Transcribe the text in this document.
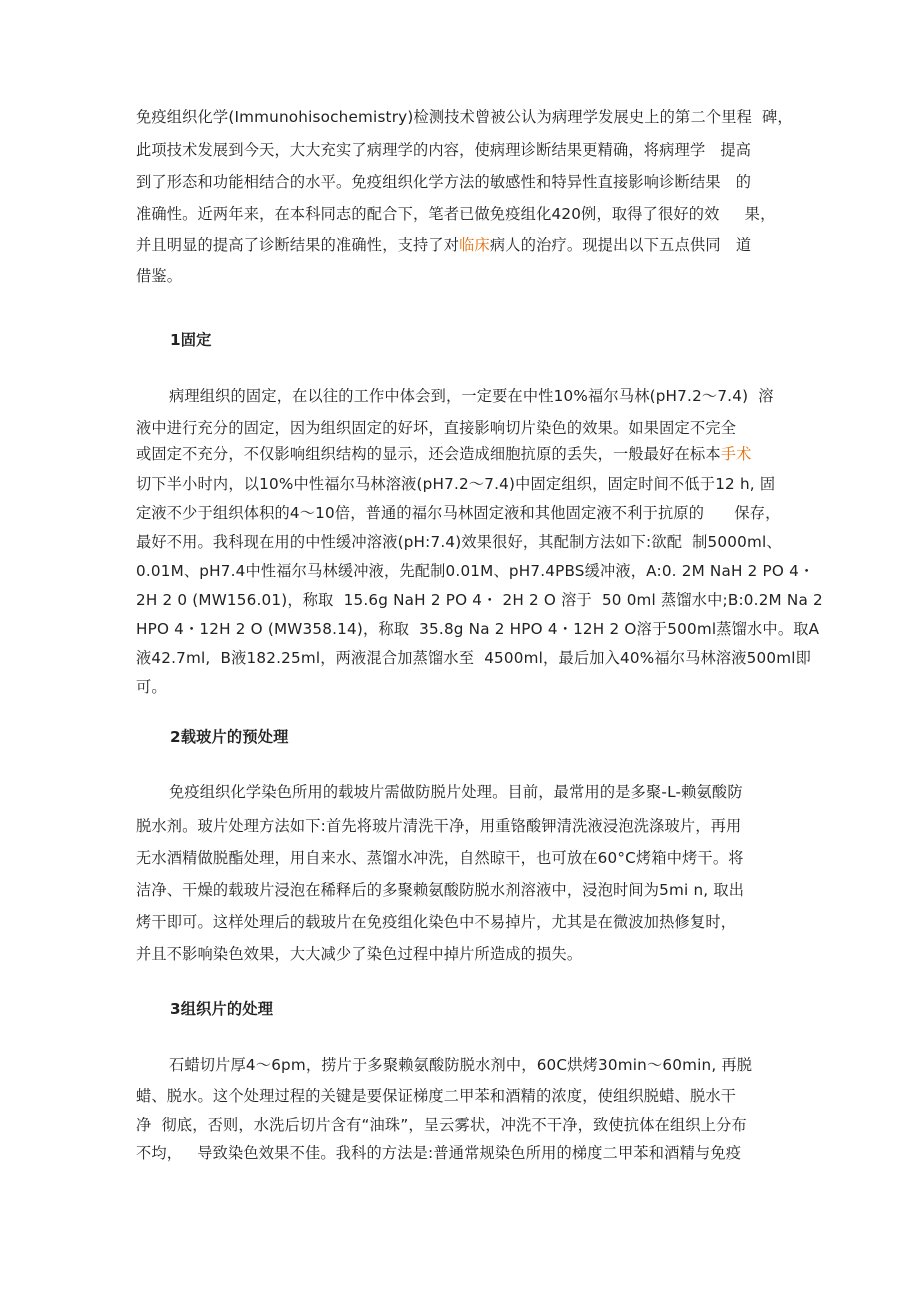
免疫组织化学(Immunohisochemistry)检测技术曾被公认为病理学发展史上的第二个里程  碑，
此项技术发展到今天，大大充实了病理学的内容，使病理诊断结果更精确，将病理学   提高
到了形态和功能相结合的水平。免疫组织化学方法的敏感性和特异性直接影响诊断结果   的
准确性。近两年来，在本科同志的配合下，笔者已做免疫组化420例，取得了很好的效     果，
并且明显的提高了诊断结果的准确性，支持了对临床病人的治疗。现提出以下五点供同   道
借鉴。
1固定
病理组织的固定，在以往的工作中体会到，一定要在中性10%福尔马林(pH7.2〜7.4)  溶
液中进行充分的固定，因为组织固定的好坏，直接影响切片染色的效果。如果固定不完全
或固定不充分，不仅影响组织结构的显示，还会造成细胞抗原的丢失，一般最好在标本手术
切下半小时内，以10%中性福尔马林溶液(pH7.2〜7.4)中固定组织，固定时间不低于12 h, 固
定液不少于组织体积的4〜10倍，普通的福尔马林固定液和其他固定液不利于抗原的      保存，
最好不用。我科现在用的中性缓冲溶液(pH:7.4)效果很好，其配制方法如下:欲配  制5000ml、
0.01M、pH7.4中性福尔马林缓冲液，先配制0.01M、pH7.4PBS缓冲液，A:0. 2M NaH 2 PO 4・
2H 2 0 (MW156.01)，称取  15.6g NaH 2 PO 4・ 2H 2 O 溶于  50 0ml 蒸馏水中;B:0.2M Na 2
HPO 4・12H 2 O (MW358.14)，称取  35.8g Na 2 HPO 4・12H 2 O溶于500ml蒸馏水中。取A
液42.7ml,  B液182.25ml，两液混合加蒸馏水至  4500ml，最后加入40%福尔马林溶液500ml即
可。
2载玻片的预处理
免疫组织化学染色所用的载坡片需做防脱片处理。目前，最常用的是多聚-L-赖氨酸防
脱水剂。玻片处理方法如下:首先将玻片清洗干净，用重铬酸钾清洗液浸泡洗涤玻片，再用
无水酒精做脱酯处理，用自来水、蒸馏水冲洗，自然晾干，也可放在60°C烤箱中烤干。将
洁净、干燥的载玻片浸泡在稀释后的多聚赖氨酸防脱水剂溶液中，浸泡时间为5mi n, 取出
烤干即可。这样处理后的载玻片在免疫组化染色中不易掉片，尤其是在微波加热修复时，
并且不影响染色效果，大大减少了染色过程中掉片所造成的损失。
3组织片的处理
石蜡切片厚4〜6pm，捞片于多聚赖氨酸防脱水剂中，60C烘烤30min〜60min, 再脱
蜡、脱水。这个处理过程的关键是要保证梯度二甲苯和酒精的浓度，使组织脱蜡、脱水干
净  彻底，否则，水洗后切片含有“油珠”，呈云雾状，冲洗不干净，致使抗体在组织上分布
不均，   导致染色效果不佳。我科的方法是:普通常规染色所用的梯度二甲苯和酒精与免疫
